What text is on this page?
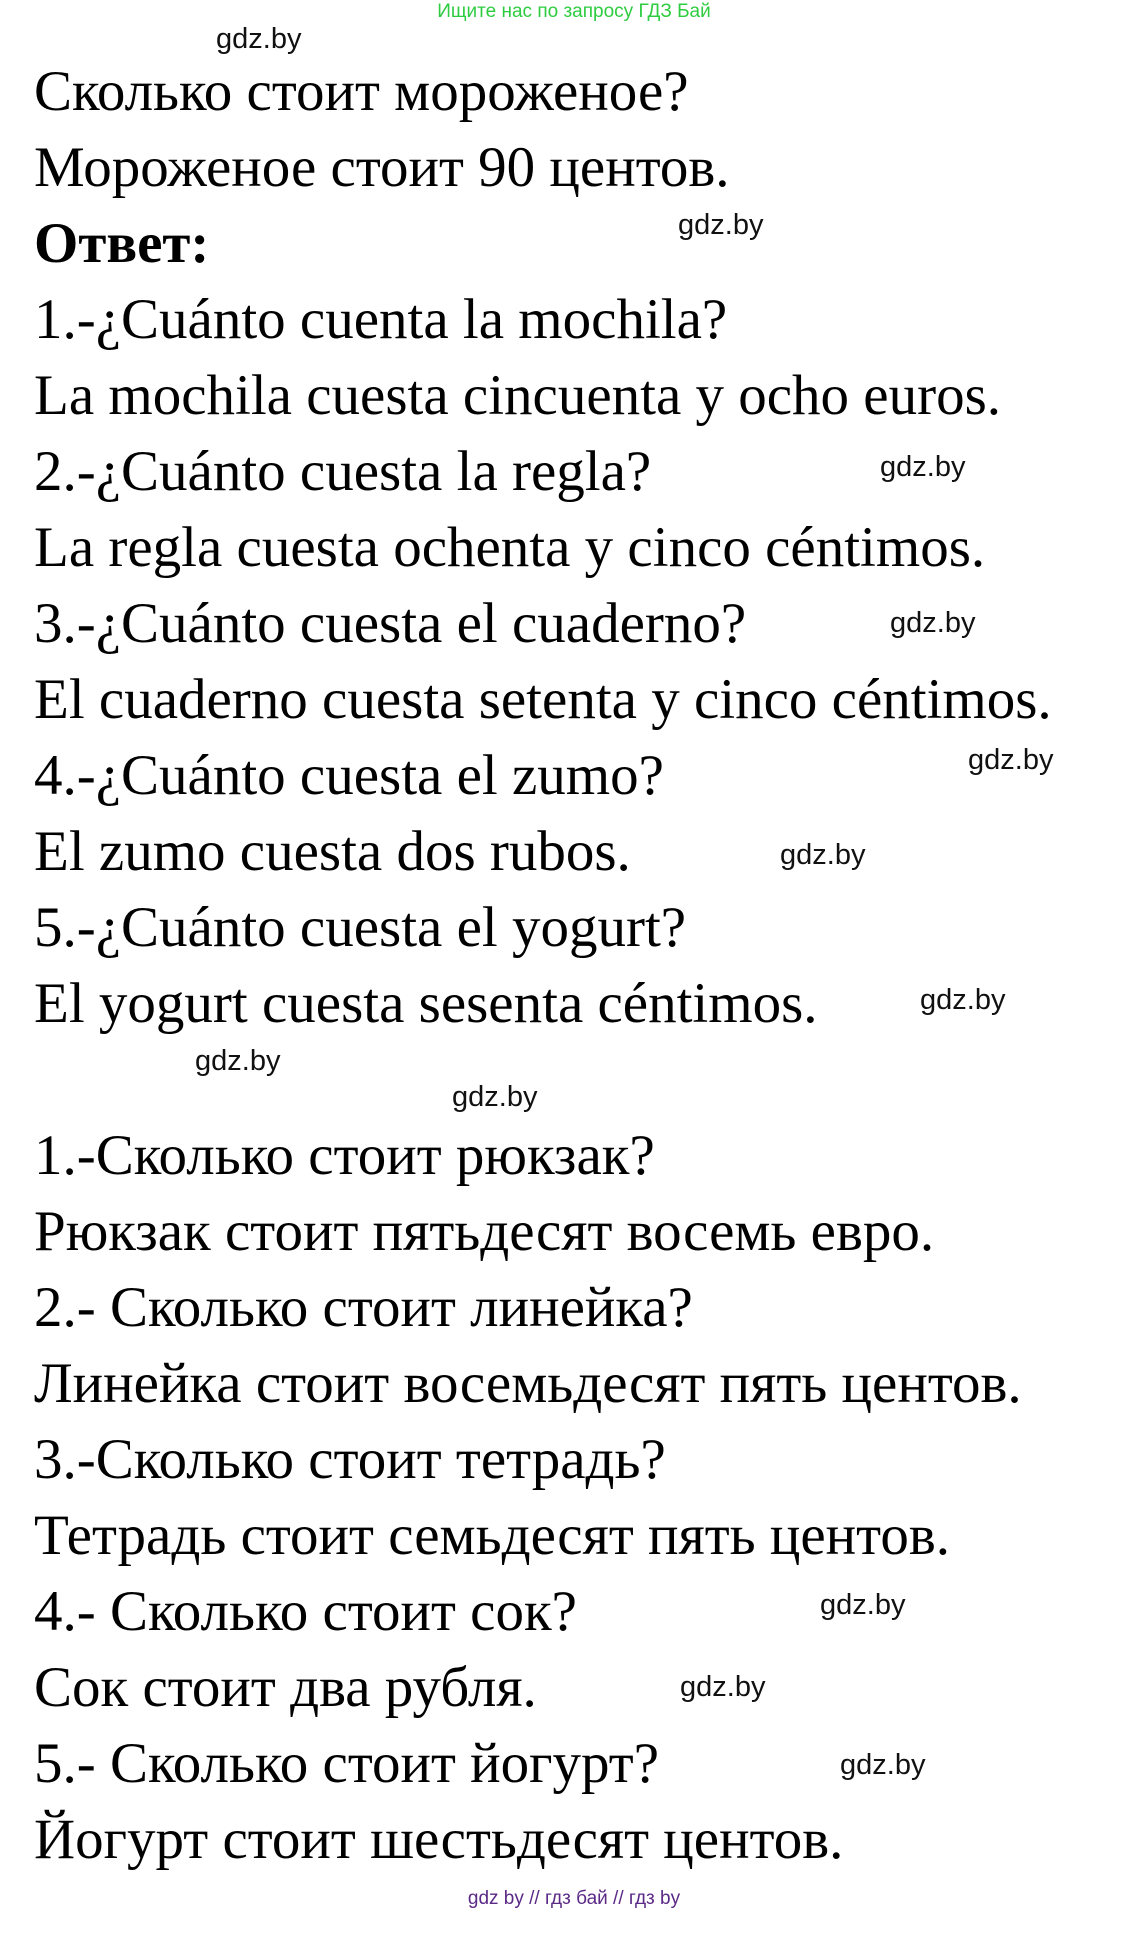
Ищите нас по запросу ГДЗ Бай
Сколько стоит мороженое?
Мороженое стоит 90 центов.
Ответ:
1.-¿Cuánto cuenta la mochila?
La mochila cuesta cincuenta y ocho euros.
2.-¿Cuánto cuesta la regla?
La regla cuesta ochenta y cinco céntimos.
3.-¿Cuánto cuesta el cuaderno?
El cuaderno cuesta setenta y cinco céntimos.
4.-¿Cuánto cuesta el zumo?
El zumo cuesta dos rubos.
5.-¿Cuánto cuesta el yogurt?
El yogurt cuesta sesenta céntimos.
1.-Сколько стоит рюкзак?
Рюкзак стоит пятьдесят восемь евро.
2.- Сколько стоит линейка?
Линейка стоит восемьдесят пять центов.
3.-Сколько стоит тетрадь?
Тетрадь стоит семьдесят пять центов.
4.- Сколько стоит сок?
Сок стоит два рубля.
5.- Сколько стоит йогурт?
Йогурт стоит шестьдесят центов.
gdz.by
gdz.by
gdz.by
gdz.by
gdz.by
gdz.by
gdz.by
gdz.by
gdz.by
gdz.by
gdz.by
gdz.by
gdz by // гдз бай // гдз by
